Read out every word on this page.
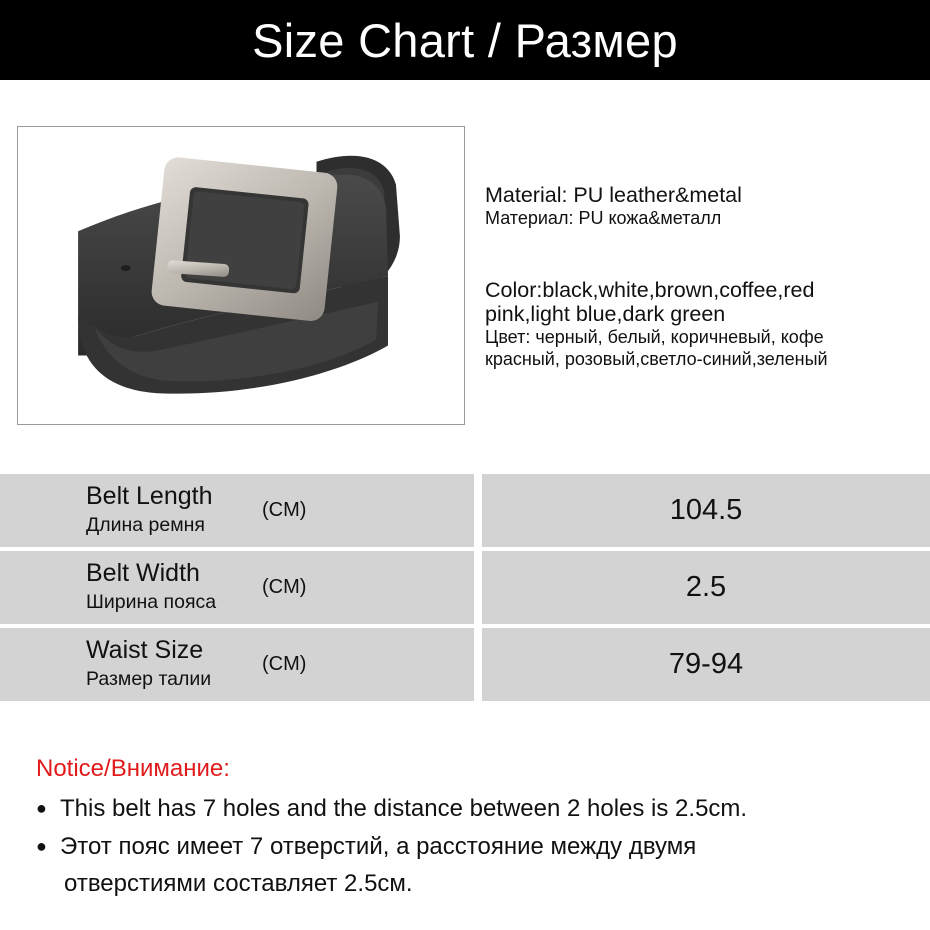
Size Chart / Размер
Material: PU leather&metal
Материал: PU кожа&металл
Color:black,white,brown,coffee,red
pink,light blue,dark green
Цвет: черный, белый, коричневый, кофе
красный, розовый,светло-синий,зеленый
Belt Length
Длина ремня
(CM)	104.5
Belt Width
Ширина пояса
(CM)	2.5
Waist Size
Размер талии
(CM)	79-94
Notice/Внимание:
● This belt has 7 holes and the distance between 2 holes is 2.5cm.
● Этот пояс имеет 7 отверстий, а расстояние между двумя
отверстиями составляет 2.5см.
